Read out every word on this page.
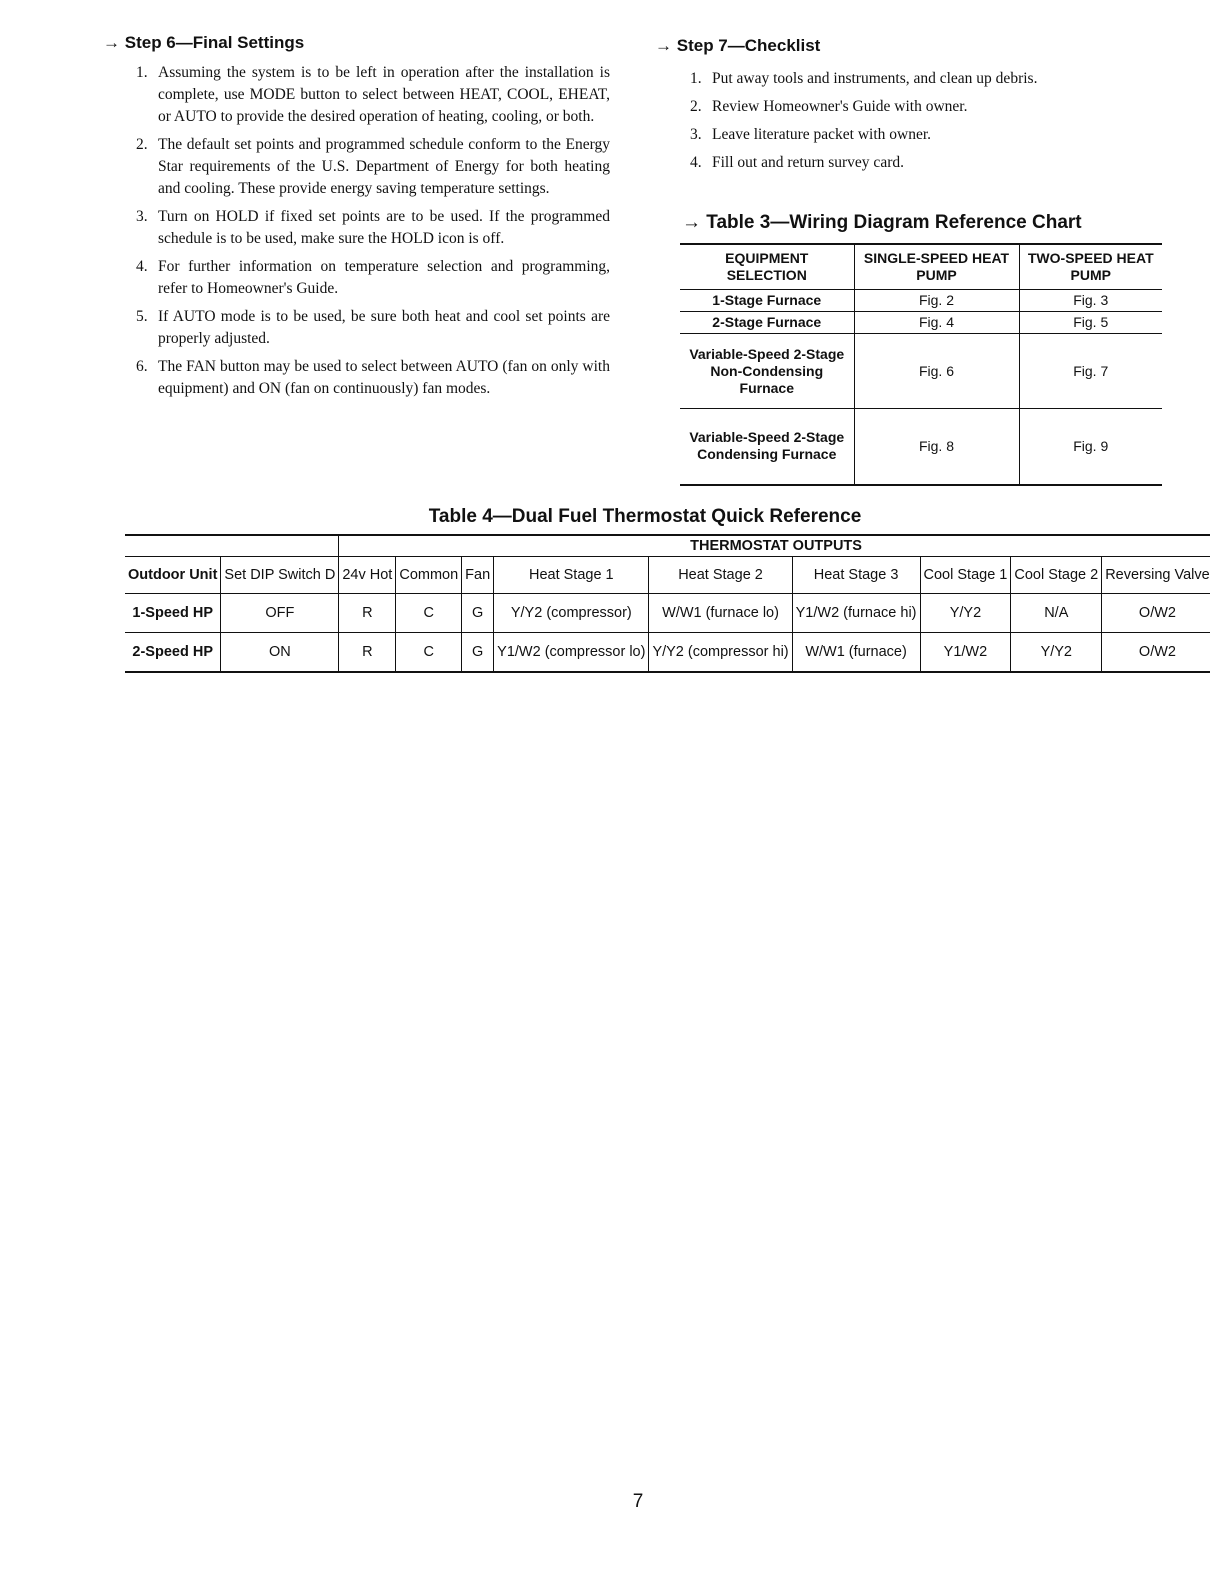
→ Step 6—Final Settings
1. Assuming the system is to be left in operation after the installation is complete, use MODE button to select between HEAT, COOL, EHEAT, or AUTO to provide the desired operation of heating, cooling, or both.
2. The default set points and programmed schedule conform to the Energy Star requirements of the U.S. Department of Energy for both heating and cooling. These provide energy saving temperature settings.
3. Turn on HOLD if fixed set points are to be used. If the programmed schedule is to be used, make sure the HOLD icon is off.
4. For further information on temperature selection and programming, refer to Homeowner's Guide.
5. If AUTO mode is to be used, be sure both heat and cool set points are properly adjusted.
6. The FAN button may be used to select between AUTO (fan on only with equipment) and ON (fan on continuously) fan modes.
→ Step 7—Checklist
1. Put away tools and instruments, and clean up debris.
2. Review Homeowner's Guide with owner.
3. Leave literature packet with owner.
4. Fill out and return survey card.
→ Table 3—Wiring Diagram Reference Chart
EQUIPMENT SELECTION	SINGLE-SPEED HEAT PUMP	TWO-SPEED HEAT PUMP
1-Stage Furnace	Fig. 2	Fig. 3
2-Stage Furnace	Fig. 4	Fig. 5
Variable-Speed 2-Stage Non-Condensing Furnace	Fig. 6	Fig. 7
Variable-Speed 2-Stage Condensing Furnace	Fig. 8	Fig. 9
Table 4—Dual Fuel Thermostat Quick Reference
		THERMOSTAT OUTPUTS								
Outdoor Unit	Set DIP Switch D	24v Hot	Common	Fan	Heat Stage 1	Heat Stage 2	Heat Stage 3	Cool Stage 1	Cool Stage 2	Reversing Valve
1-Speed HP	OFF	R	C	G	Y/Y2 (compressor)	W/W1 (furnace lo)	Y1/W2 (furnace hi)	Y/Y2	N/A	O/W2
2-Speed HP	ON	R	C	G	Y1/W2 (compressor lo)	Y/Y2 (compressor hi)	W/W1 (furnace)	Y1/W2	Y/Y2	O/W2
7
